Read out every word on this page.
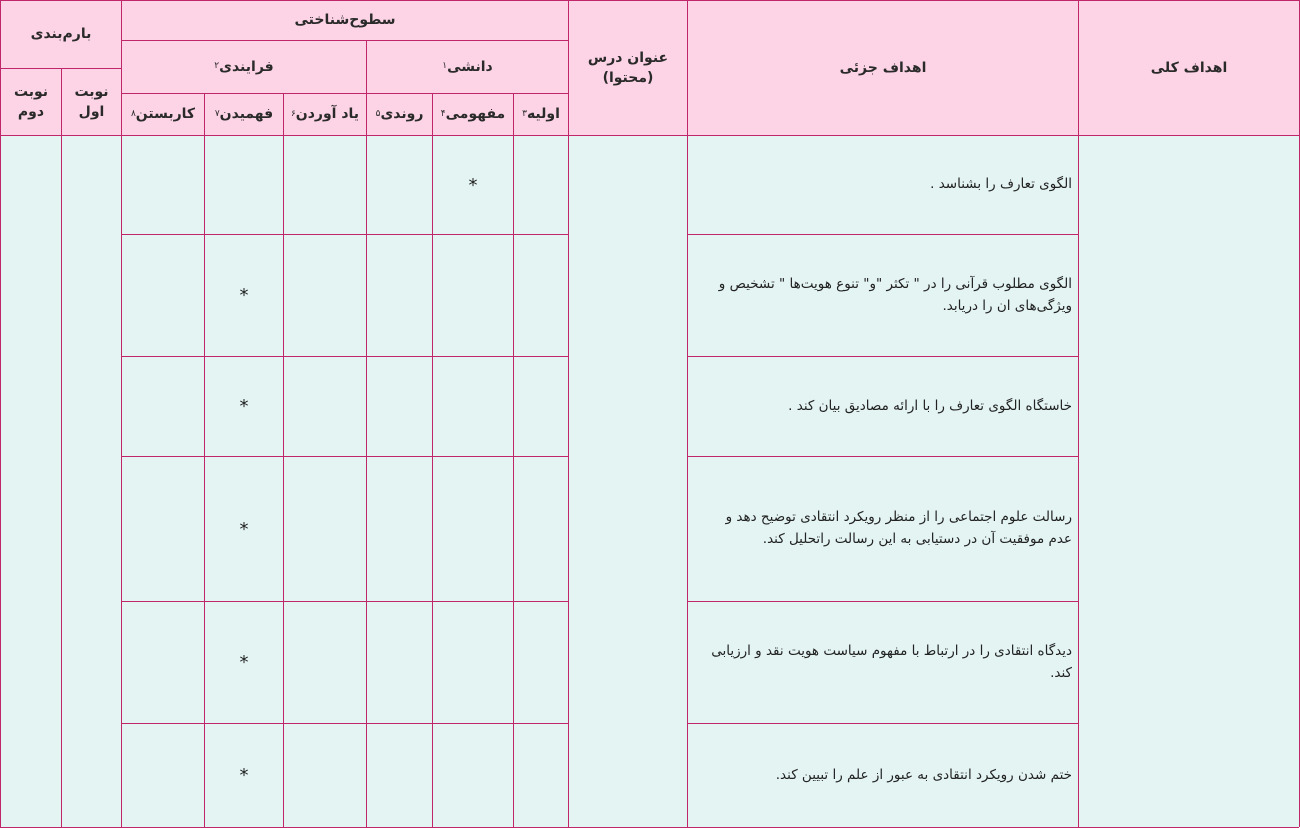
اهداف کلی
اهداف جزئی
عنوان درس
(محتوا)
سطوح‌شناختی
بارم‌بندی
دانشی
۱
فرایندی
۲
نوبت
اول
نوبت
دوم	اولیه
۳
مفهومی
۴
روندی
۵
یاد آوردن
۶
فهمیدن
۷
کاربستن
۸
الگوی تعارف را بشناسد .
*
الگوی مطلوب قرآنی را در " تکثر "و" تنوع هویت‌ها " تشخیص و ویژگی‌های ان را دریابد.
*
خاستگاه الگوی تعارف را با ارائه مصادیق بیان کند .
*
رسالت علوم اجتماعی را از منظر رویکرد انتقادی توضیح دهد و عدم موفقیت آن در دستیابی به این رسالت راتحلیل کند.
*
دیدگاه انتقادی را در ارتباط با مفهوم سیاست هویت نقد و ارزیابی کند.
*
ختم شدن رویکرد انتقادی به عبور از علم را تبیین کند.
*
